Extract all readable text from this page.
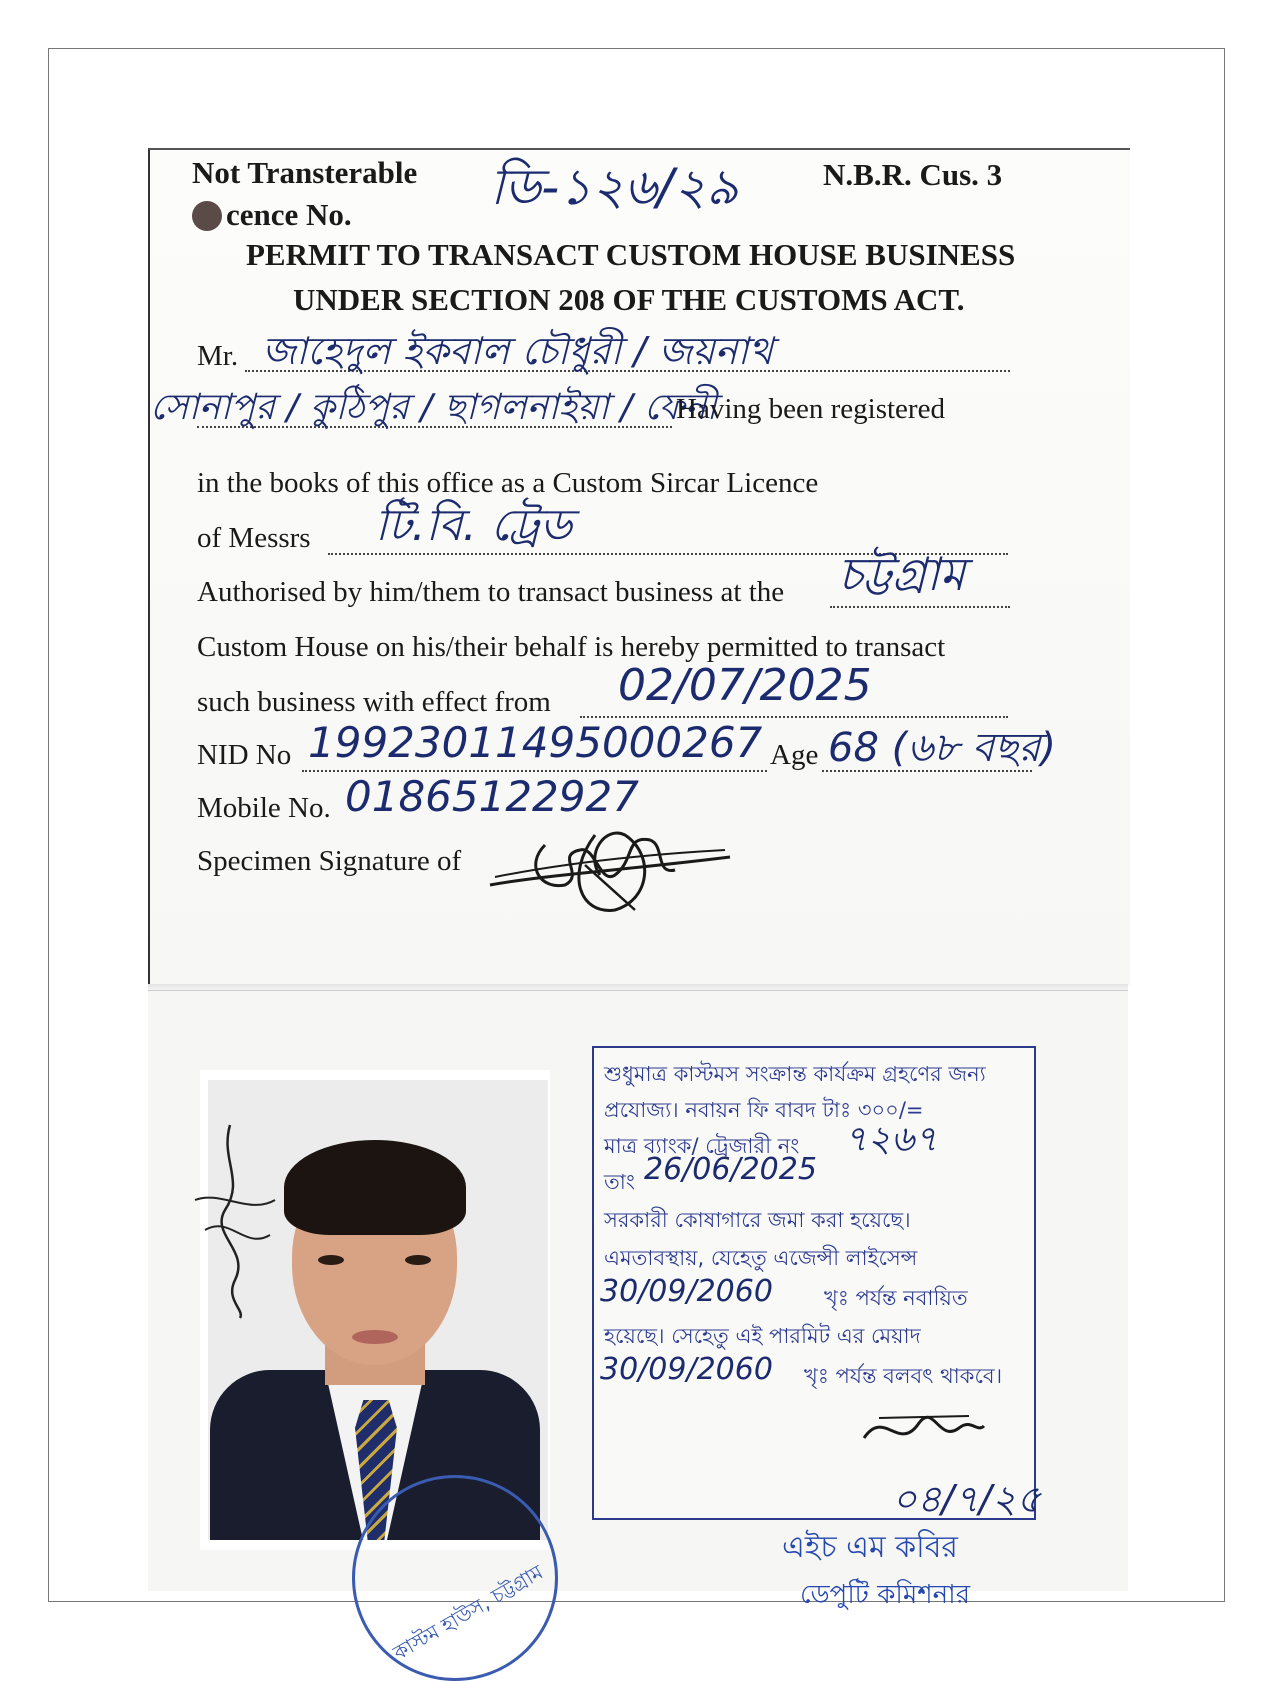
Not Transterable
cence No.	ডি-১২৬/২৯	N.B.R. Cus. 3
PERMIT TO TRANSACT CUSTOM HOUSE BUSINESS
UNDER SECTION 208 OF THE CUSTOMS ACT.
Mr. জাহেদুল ইকবাল চৌধুরী / জয়নাথ
সোনাপুর / কুঠিপুর / ছাগলনাইয়া / ফেনী
Having been registered
in the books of this office as a Custom Sircar Licence
of Messrs টি.বি. ট্রেড
Authorised by him/them to transact business at the চট্টগ্রাম
Custom House on his/their behalf is hereby permitted to transact
such business with effect from 02/07/2025
NID No 19923011495000267 Age 68 (৬৮ বছর)
Mobile No. 01865122927
Specimen Signature of
শুধুমাত্র কাস্টমস সংক্রান্ত কার্যক্রম গ্রহণের জন্য
প্রযোজ্য। নবায়ন ফি বাবদ টাঃ ৩০০/=
মাত্র ব্যাংক/ ট্রেজারী নং ৭২৬৭
তাং 26/06/2025
সরকারী কোষাগারে জমা করা হয়েছে।
এমতাবস্থায়, যেহেতু এজেন্সী লাইসেন্স
30/09/2060 খৃঃ পর্যন্ত নবায়িত
হয়েছে। সেহেতু এই পারমিট এর মেয়াদ
30/09/2060 খৃঃ পর্যন্ত বলবৎ থাকবে।
০৪/৭/২৫
কাস্টম হাউস, চট্টগ্রাম
এইচ এম কবির
ডেপুটি কমিশনার
